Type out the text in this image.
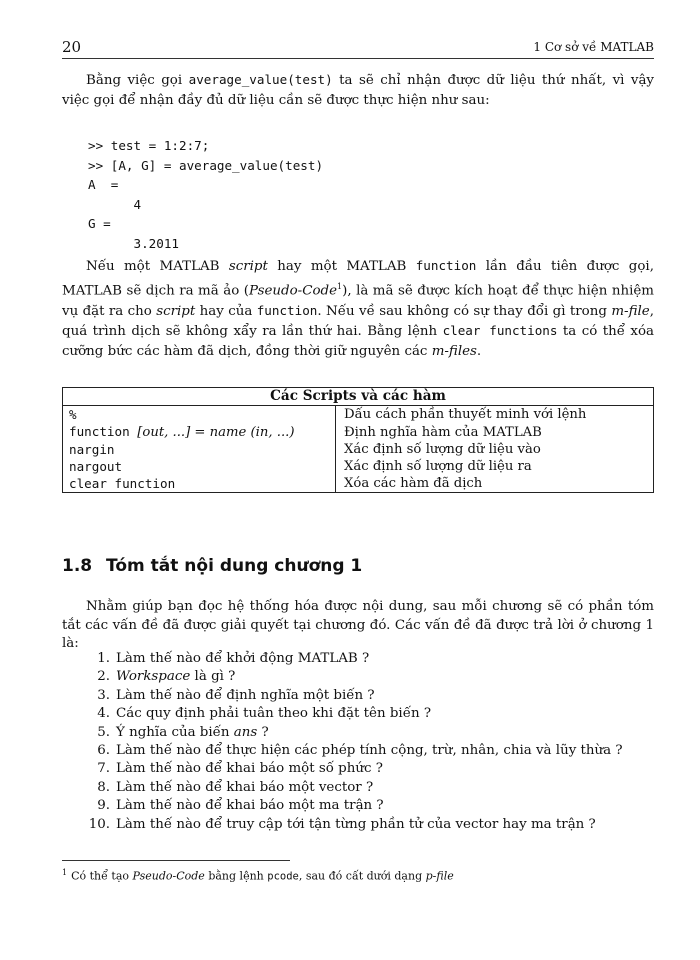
20	1 Cơ sở về MATLAB

Bằng việc gọi average_value(test) ta sẽ chỉ nhận được dữ liệu thứ nhất, vì vậy việc gọi để nhận đầy đủ dữ liệu cần sẽ được thực hiện như sau:

>> test = 1:2:7;
>> [A, G] = average_value(test)
A  =
4
G =
3.2011

Nếu một MATLAB script hay một MATLAB function lần đầu tiên được gọi, MATLAB sẽ dịch ra mã ảo (Pseudo-Code$^1$), là mã sẽ được kích hoạt để thực hiện nhiệm vụ đặt ra cho script hay của function. Nếu về sau không có sự thay đổi gì trong m-file, quá trình dịch sẽ không xẩy ra lần thứ hai. Bằng lệnh clear functions ta có thể xóa cưỡng bức các hàm đã dịch, đồng thời giữ nguyên các m-files.

Các Scripts và các hàm	
%	Dấu cách phần thuyết minh với lệnh
function [out, ...] = name (in, ...)	Định nghĩa hàm của MATLAB
nargin	Xác định số lượng dữ liệu vào
nargout	Xác định số lượng dữ liệu ra
clear function	Xóa các hàm đã dịch
1.8 Tóm tắt nội dung chương 1

Nhằm giúp bạn đọc hệ thống hóa được nội dung, sau mỗi chương sẽ có phần tóm tắt các vấn đề đã được giải quyết tại chương đó. Các vấn đề đã được trả lời ở chương 1 là:

1. Làm thế nào để khởi động MATLAB ?
2. Workspace là gì ?
3. Làm thế nào để định nghĩa một biến ?
4. Các quy định phải tuân theo khi đặt tên biến ?
5. Ý nghĩa của biến ans ?
6. Làm thế nào để thực hiện các phép tính cộng, trừ, nhân, chia và lũy thừa ?
7. Làm thế nào để khai báo một số phức ?
8. Làm thế nào để khai báo một vector ?
9. Làm thế nào để khai báo một ma trận ?
10. Làm thế nào để truy cập tới tận từng phần tử của vector hay ma trận ?
$^1$ Có thể tạo Pseudo-Code bằng lệnh pcode, sau đó cất dưới dạng p-file
